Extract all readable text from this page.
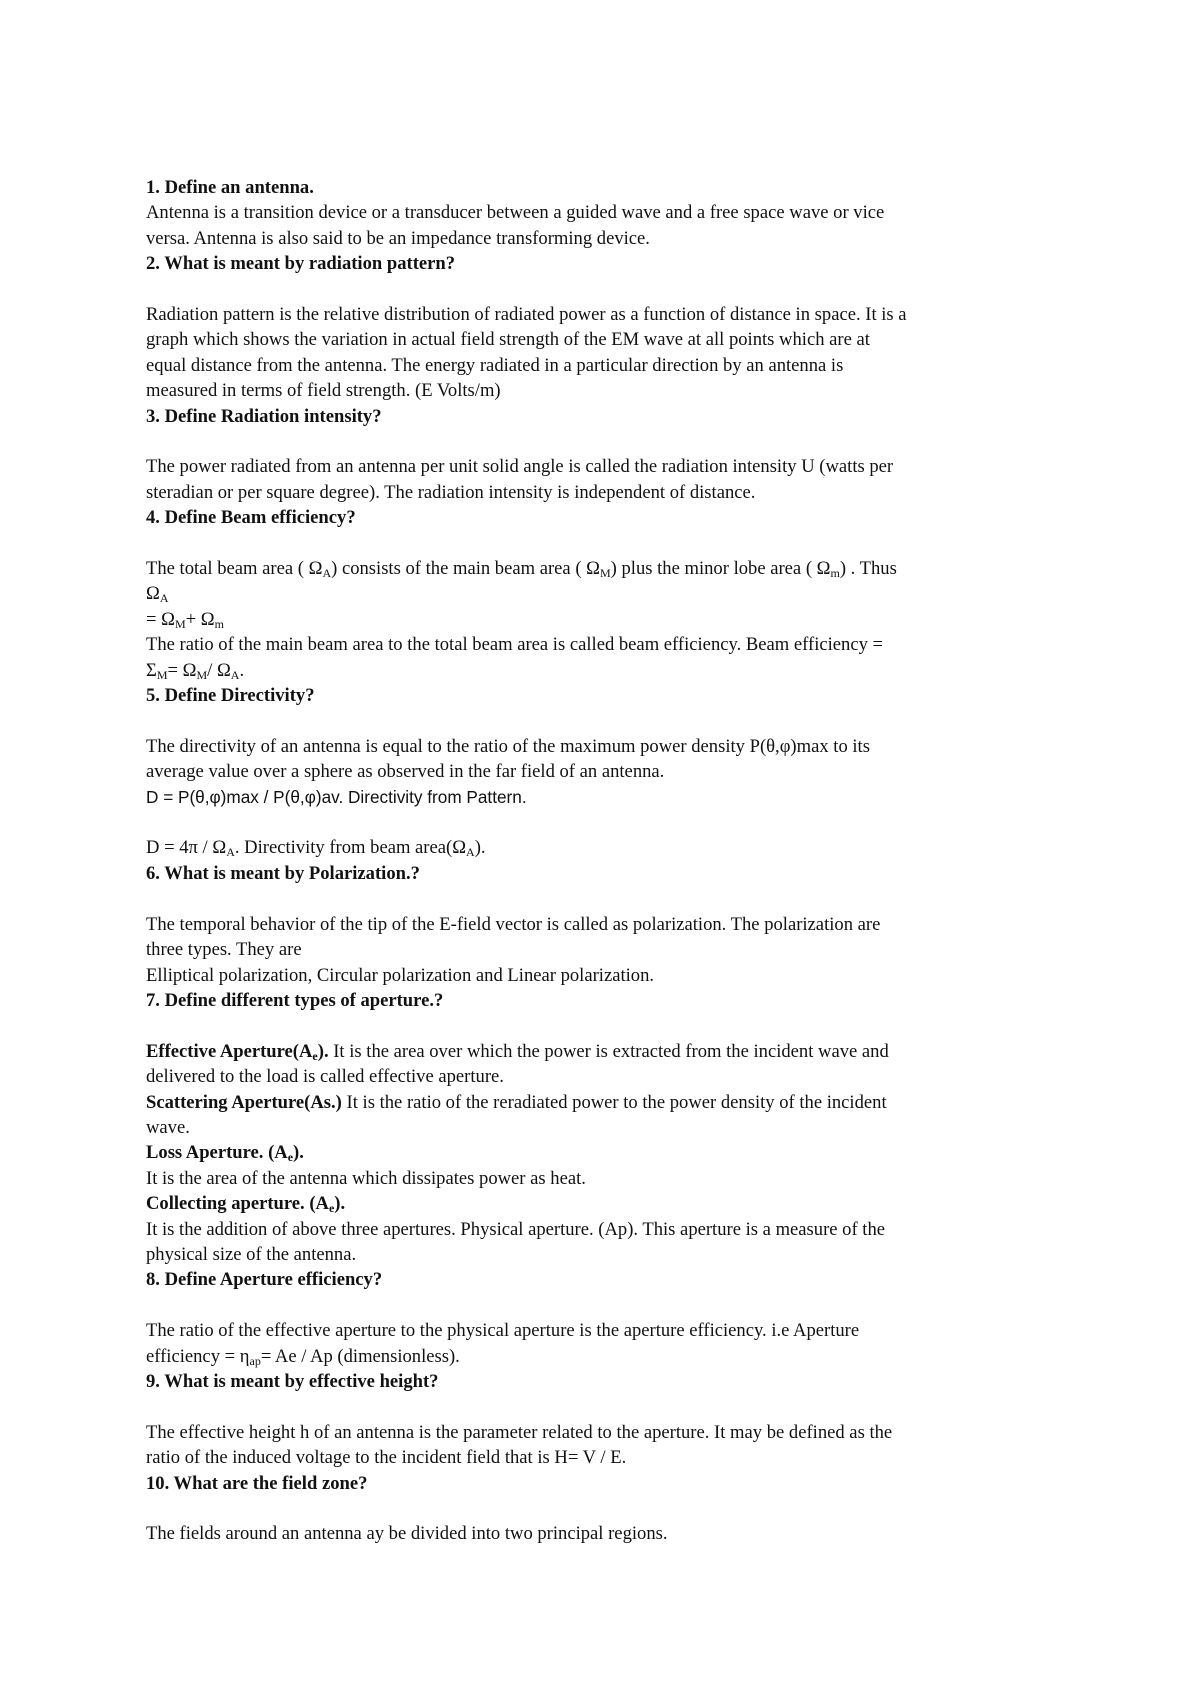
1. Define an antenna.
Antenna is a transition device or a transducer between a guided wave and a free space wave or vice
versa. Antenna is also said to be an impedance transforming device.
2. What is meant by radiation pattern?
Radiation pattern is the relative distribution of radiated power as a function of distance in space. It is a
graph which shows the variation in actual field strength of the EM wave at all points which are at
equal distance from the antenna. The energy radiated in a particular direction by an antenna is
measured in terms of field strength. (E Volts/m)
3. Define Radiation intensity?
The power radiated from an antenna per unit solid angle is called the radiation intensity U (watts per
steradian or per square degree). The radiation intensity is independent of distance.
4. Define Beam efficiency?
The total beam area ( $\Omega_A$) consists of the main beam area ( $\Omega_M$) plus the minor lobe area ( $\Omega_m$) . Thus
$\Omega_A$
= $\Omega_M+ \Omega_m$
The ratio of the main beam area to the total beam area is called beam efficiency. Beam efficiency =
$\Sigma_M= \Omega_M/$ $\Omega_A$.
5. Define Directivity?
The directivity of an antenna is equal to the ratio of the maximum power density P(θ,φ)max to its
average value over a sphere as observed in the far field of an antenna.
D = P(θ,φ)max / P(θ,φ)av. Directivity from Pattern.
$D = 4\pi / \Omega_A$. Directivity from beam $area(\Omega_A)$.
6. What is meant by Polarization.?
The temporal behavior of the tip of the E-field vector is called as polarization. The polarization are
three types. They are
Elliptical polarization, Circular polarization and Linear polarization.
7. Define different types of aperture.?
Effective $Aperture(A_e)$. It is the area over which the power is extracted from the incident wave and
delivered to the load is called effective aperture.
Scattering Aperture(As.) It is the ratio of the reradiated power to the power density of the incident
wave.
Loss Aperture. $(A_e)$.
It is the area of the antenna which dissipates power as heat.
Collecting aperture. $(A_e)$.
It is the addition of above three apertures. Physical aperture. (Ap). This aperture is a measure of the
physical size of the antenna.
8. Define Aperture efficiency?
The ratio of the effective aperture to the physical aperture is the aperture efficiency. i.e Aperture
efficiency = $\eta_{ap}= Ae / Ap$ (dimensionless).
9. What is meant by effective height?
The effective height h of an antenna is the parameter related to the aperture. It may be defined as the
ratio of the induced voltage to the incident field that is H= V / E.
10. What are the field zone?
The fields around an antenna ay be divided into two principal regions.
